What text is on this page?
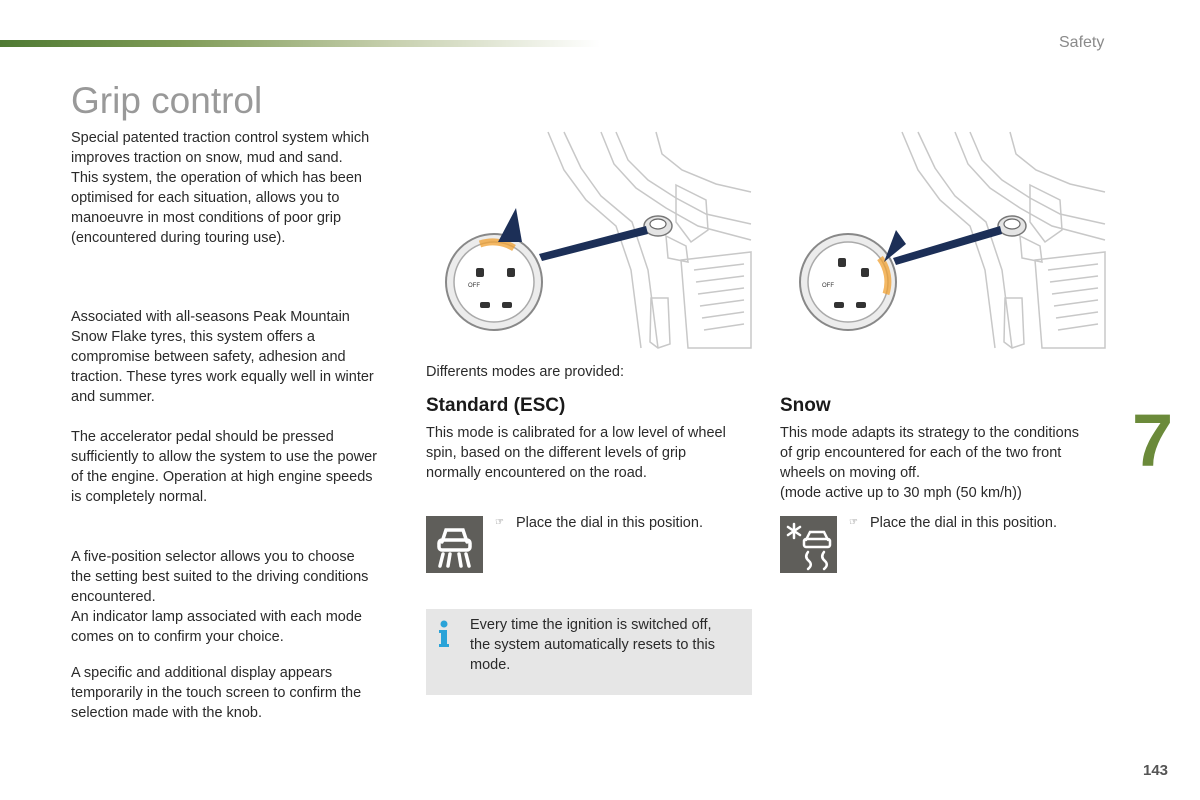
Safety
Grip control
Special patented traction control system which
improves traction on snow, mud and sand.
This system, the operation of which has been
optimised for each situation, allows you to
manoeuvre in most conditions of poor grip
(encountered during touring use).
Associated with all-seasons Peak Mountain
Snow Flake tyres, this system offers a
compromise between safety, adhesion and
traction. These tyres work equally well in winter
and summer.
The accelerator pedal should be pressed
sufficiently to allow the system to use the power
of the engine. Operation at high engine speeds
is completely normal.
A five-position selector allows you to choose
the setting best suited to the driving conditions
encountered.
An indicator lamp associated with each mode
comes on to confirm your choice.
A specific and additional display appears
temporarily in the touch screen to confirm the
selection made with the knob.
OFF	OFF
Differents modes are provided:
Standard (ESC)
This mode is calibrated for a low level of wheel
spin, based on the different levels of grip
normally encountered on the road.
☞ Place the dial in this position.
Snow
This mode adapts its strategy to the conditions
of grip encountered for each of the two front
wheels on moving off.
(mode active up to 30 mph (50 km/h))
☞ Place the dial in this position.
Every time the ignition is switched off,
the system automatically resets to this
mode.
7
143
